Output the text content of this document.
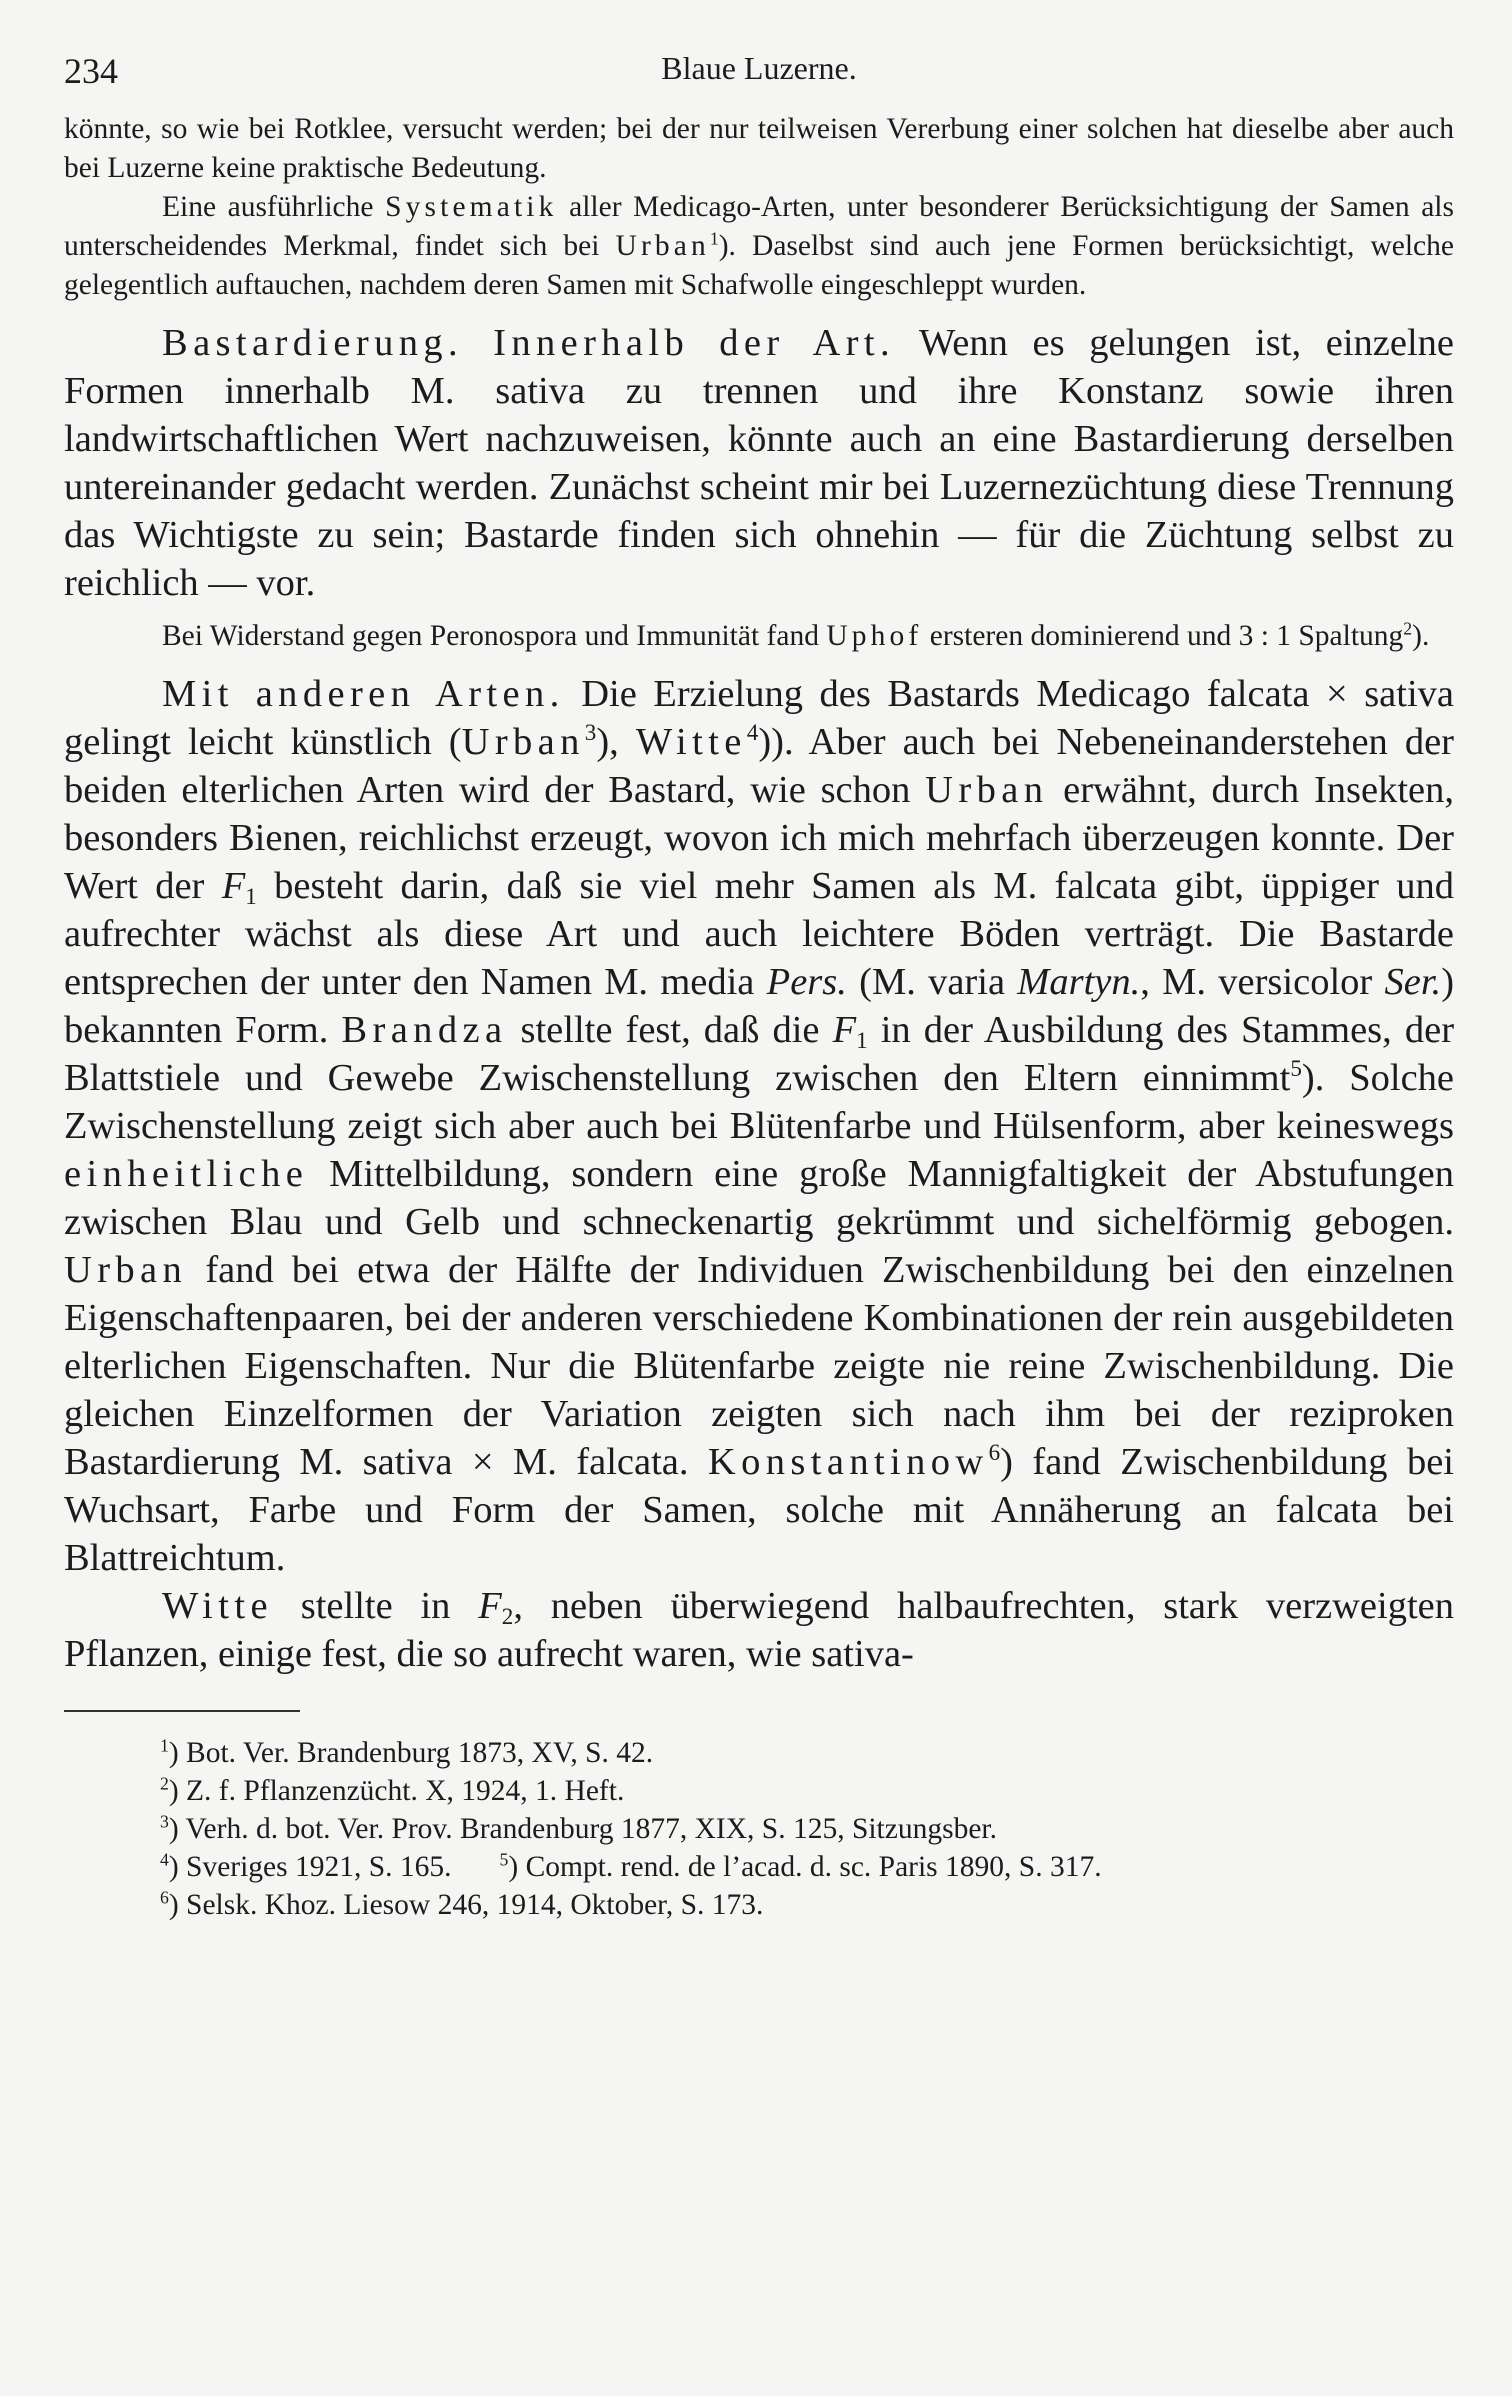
234	Blaue Luzerne.

könnte, so wie bei Rotklee, versucht werden; bei der nur teilweisen Vererbung einer solchen hat dieselbe aber auch bei Luzerne keine praktische Bedeutung.

Eine ausführliche Systematik aller Medicago-Arten, unter besonderer Berücksichtigung der Samen als unterscheidendes Merkmal, findet sich bei Urban$^1$). Daselbst sind auch jene Formen berücksichtigt, welche gelegentlich auftauchen, nachdem deren Samen mit Schafwolle eingeschleppt wurden.

Bastardierung. Innerhalb der Art. Wenn es gelungen ist, einzelne Formen innerhalb M. sativa zu trennen und ihre Konstanz sowie ihren landwirtschaftlichen Wert nachzuweisen, könnte auch an eine Bastardierung derselben untereinander gedacht werden. Zunächst scheint mir bei Luzernezüchtung diese Trennung das Wichtigste zu sein; Bastarde finden sich ohnehin — für die Züchtung selbst zu reichlich — vor.

Bei Widerstand gegen Peronospora und Immunität fand Uphof ersteren dominierend und 3 : 1 Spaltung$^2$).

Mit anderen Arten. Die Erzielung des Bastards Medicago falcata × sativa gelingt leicht künstlich (Urban$^3$), Witte$^4$)). Aber auch bei Nebeneinanderstehen der beiden elterlichen Arten wird der Bastard, wie schon Urban erwähnt, durch Insekten, besonders Bienen, reichlichst erzeugt, wovon ich mich mehrfach überzeugen konnte. Der Wert der $F_1$ besteht darin, daß sie viel mehr Samen als M. falcata gibt, üppiger und aufrechter wächst als diese Art und auch leichtere Böden verträgt. Die Bastarde entsprechen der unter den Namen M. media Pers. (M. varia Martyn., M. versicolor Ser.) bekannten Form. Brandza stellte fest, daß die $F_1$ in der Ausbildung des Stammes, der Blattstiele und Gewebe Zwischenstellung zwischen den Eltern einnimmt$^5$). Solche Zwischenstellung zeigt sich aber auch bei Blütenfarbe und Hülsenform, aber keineswegs einheitliche Mittelbildung, sondern eine große Mannigfaltigkeit der Abstufungen zwischen Blau und Gelb und schneckenartig gekrümmt und sichelförmig gebogen. Urban fand bei etwa der Hälfte der Individuen Zwischenbildung bei den einzelnen Eigenschaftenpaaren, bei der anderen verschiedene Kombinationen der rein ausgebildeten elterlichen Eigenschaften. Nur die Blütenfarbe zeigte nie reine Zwischenbildung. Die gleichen Einzelformen der Variation zeigten sich nach ihm bei der reziproken Bastardierung M. sativa × M. falcata. Konstantinow$^6$) fand Zwischenbildung bei Wuchsart, Farbe und Form der Samen, solche mit Annäherung an falcata bei Blattreichtum.

Witte stellte in $F_2$, neben überwiegend halbaufrechten, stark verzweigten Pflanzen, einige fest, die so aufrecht waren, wie sativa-

$^1$) Bot. Ver. Brandenburg 1873, XV, S. 42.
$^2$) Z. f. Pflanzenzücht. X, 1924, 1. Heft.
$^3$) Verh. d. bot. Ver. Prov. Brandenburg 1877, XIX, S. 125, Sitzungsber.
$^4$) Sveriges 1921, S. 165.	$^5$) Compt. rend. de l’acad. d. sc. Paris 1890, S. 317.
$^6$) Selsk. Khoz. Liesow 246, 1914, Oktober, S. 173.
